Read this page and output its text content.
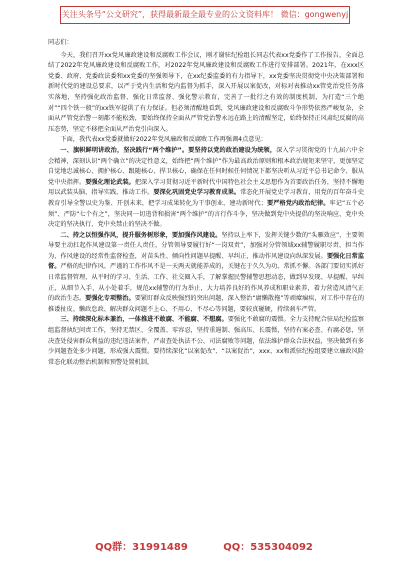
关注头条号“公文研究”，获得最新最全最专业的公文资料库！ 微信：gongwenyj

同志们：

今天，我们召开xx党风廉政建设和反腐败工作会议，刚才谢驻纪检组长同志代表xx党委作了工作报告，全面总结了2022年党风廉政建设和反腐败工作，对2022年党风廉政建设和反腐败工作进行安排部署。2021年，在xxx区党委、政府、党委政法委和xx党委的坚强领导下，在xx纪委监委的有力指导下，xx党委坚决贯彻党中央决策部署和新时代党的建设总要求，以严于党内生活和党内监督为抓手，深入开展以案促改，对标对表推动xx管党治党任务落实落地，坚持强化政治监督、强化日常监督、强化警示教育，完善了一批行之有效的制度机制，为打造“三个绝对”“四个铁一般”的xx铁军提供了有力保证。但必须清醒地看到，党风廉政建设和反腐败斗争形势依然严峻复杂，全面从严管党治警一刻都不能松劲，要始终保持全面从严管党治警永远在路上的清醒坚定，始终保持正风肃纪反腐的高压态势，坚定不移把全面从严治党引向深入。

下面，我代表xx党委就做好2022年党风廉政和反腐败工作再强调4点意见：

一、旗帜鲜明讲政治，坚决践行“两个维护”。要坚持以党的政治建设为统领，深入学习贯彻党的十九届六中全会精神，深刻认识“两个确立”的决定性意义，始终把“两个维护”作为最高政治原则和根本政治规矩来坚守，更加坚定自觉地忠诚核心、拥护核心、跟随核心、捍卫核心，确保在任何时候任何情况下都坚决听从习近平总书记命令、服从党中央指挥。要强化理论武装。把深入学习贯彻习近平新时代中国特色社会主义思想作为首要政治任务，坚持不懈地用以武装头脑、指导实践、推动工作。要深化巩固党史学习教育成果。常态化开展党史学习教育，用党的百年奋斗史教育引导全警以史为鉴、开创未来，把学习成果转化为干事创业、建功新时代；要严格党内政治纪律。牢记“五个必须”、严防“七个有之”，坚决同一切违背和损害“两个维护”的言行作斗争，坚决做到党中央提倡的坚决响应、党中央决定的坚决执行、党中央禁止的坚决不做。

二、持之以恒强作风，提升服务树形象，要加强作风建设。坚持以上率下，发挥关键少数的“头雁效应”，主要领导要主动扛起作风建设第一责任人责任，分管领导要履行好“一岗双责”，加强对分管领域xx辅警履职尽责、担当作为、作风建设的经常性监督检查，对苗头性、倾向性问题早提醒、早纠正，推动作风建设向纵深发展。要强化日常监督。严格的纪律作风、严谨的工作作风不是一天两天就能养成的，关键在于久久为功、常抓不懈。各部门要切实抓好日常监督管理，从平时的学习、生活、工作、社交圈入手，了解掌握民警辅警思想动态，做到早发现、早提醒、早纠正，从细节入手、从小处着手，规范xx辅警的行为举止，大力培养良好的作风养成和职业素养，着力营造风清气正的政治生态。要强化专项整治。要紧盯群众反映强烈的突出问题，深入整治“庸懒散拖”等顽瘴痼疾，对工作中存在的推诿扯皮、懒政怠政、解决群众问题不上心、不用心、不尽心等问题，要较真碰硬，持续刹车严管。

三、持续深化标本兼治，一体推进不敢腐、不能腐、不想腐。要强化不敢腐的震慑。全力支持配合驻局纪检监察组监督执纪问责工作，坚持无禁区、全覆盖、零容忍，坚持重遏制、强高压、长震慑，坚持有案必查、有腐必惩，坚决查处侵害群众利益的违纪违法案件，严肃查处执法不公、司法腐败等问题，依法维护群众合法权益，坚决做到有多少问题查处多少问题，形成强大震慑。要持续深化“以案促改”、“以案促治”，xxx、xx和派驻纪检组要建立廉政风险常态化联动整治机制和预警处置机制，

QQ群：31991489	QQ：535304092
